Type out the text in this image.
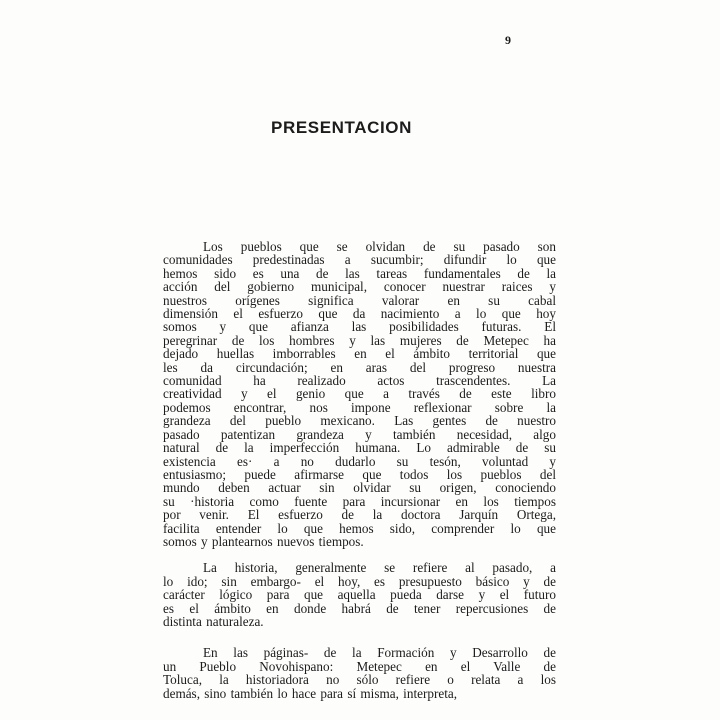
9
PRESENTACION
Los pueblos que se olvidan de su pasado son
comunidades predestinadas a sucumbir; difundir lo que
hemos sido es una de las tareas fundamentales de la
acción del gobierno municipal, conocer nuestrar raices y
nuestros orígenes significa valorar en su cabal
dimensión el esfuerzo que da nacimiento a lo que hoy
somos y que afianza las posibilidades futuras. El
peregrinar de los hombres y las mujeres de Metepec ha
dejado huellas imborrables en el ámbito territorial que
les da circundación; en aras del progreso nuestra
comunidad ha realizado actos trascendentes. La
creatividad y el genio que a través de este libro
podemos encontrar, nos impone reflexionar sobre la
grandeza del pueblo mexicano. Las gentes de nuestro
pasado patentizan grandeza y también necesidad, algo
natural de la imperfección humana. Lo admirable de su
existencia es· a no dudarlo su tesón, voluntad y
entusiasmo; puede afirmarse que todos los pueblos del
mundo deben actuar sin olvidar su origen, conociendo
su ·historia como fuente para incursionar en los tiempos
por venir. El esfuerzo de la doctora Jarquín Ortega,
facilita entender lo que hemos sido, comprender lo que
somos y plantearnos nuevos tiempos.
La historia, generalmente se refiere al pasado, a
lo ido; sin embargo- el hoy, es presupuesto básico y de
carácter lógico para que aquella pueda darse y el futuro
es el ámbito en donde habrá de tener repercusiones de
distinta naturaleza.
En las páginas- de la Formación y Desarrollo de
un Pueblo Novohispano: Metepec en el Valle de
Toluca, la historiadora no sólo refiere o relata a los
demás, sino también lo hace para sí misma, interpreta,
